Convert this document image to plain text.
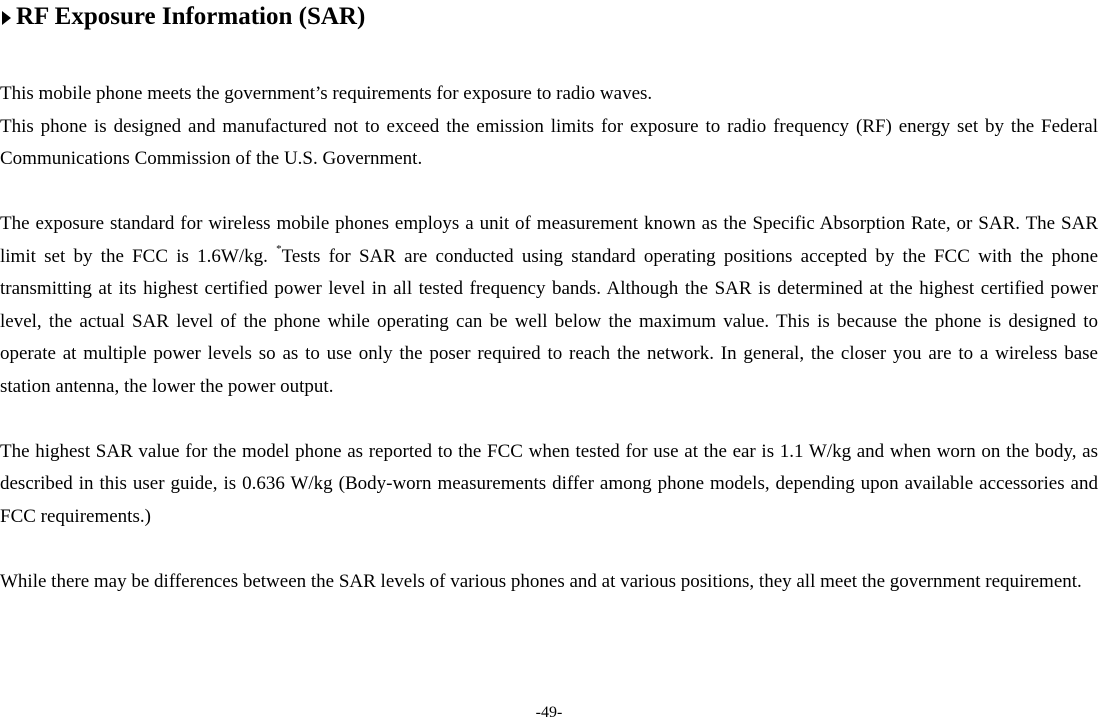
RF Exposure Information (SAR)

This mobile phone meets the government’s requirements for exposure to radio waves.

This phone is designed and manufactured not to exceed the emission limits for exposure to radio frequency (RF) energy set by the Federal Communications Commission of the U.S. Government.

The exposure standard for wireless mobile phones employs a unit of measurement known as the Specific Absorption Rate, or SAR. The SAR limit set by the FCC is 1.6W/kg. *Tests for SAR are conducted using standard operating positions accepted by the FCC with the phone transmitting at its highest certified power level in all tested frequency bands. Although the SAR is determined at the highest certified power level, the actual SAR level of the phone while operating can be well below the maximum value. This is because the phone is designed to operate at multiple power levels so as to use only the poser required to reach the network. In general, the closer you are to a wireless base station antenna, the lower the power output.

The highest SAR value for the model phone as reported to the FCC when tested for use at the ear is 1.1 W/kg and when worn on the body, as described in this user guide, is 0.636 W/kg (Body-worn measurements differ among phone models, depending upon available accessories and FCC requirements.)

While there may be differences between the SAR levels of various phones and at various positions, they all meet the government requirement.

-49-
